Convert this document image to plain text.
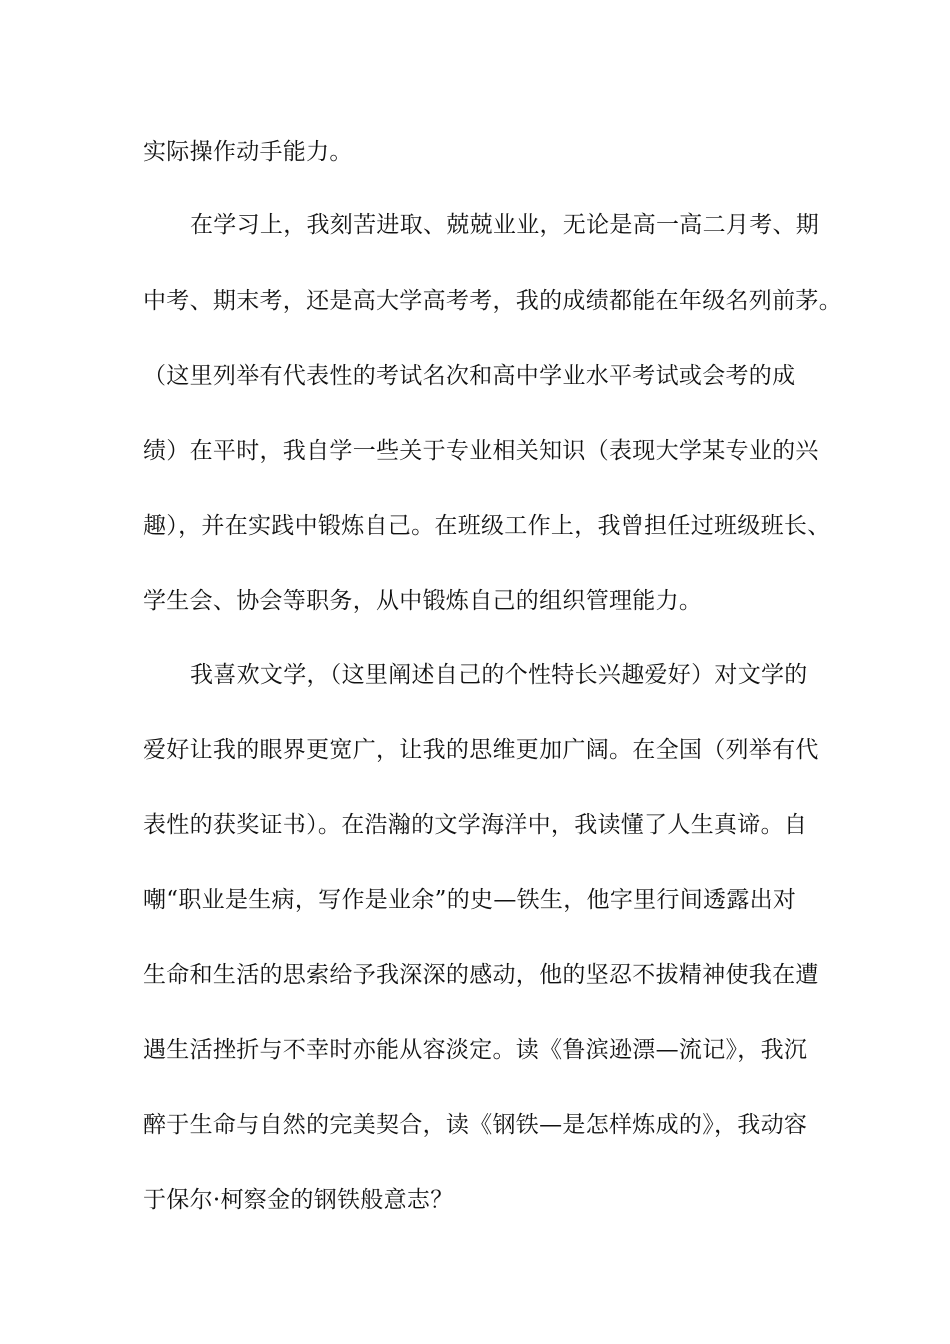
实际操作动手能力。
在学习上，我刻苦进取、兢兢业业，无论是高一高二月考、期
中考、期末考，还是高大学高考考，我的成绩都能在年级名列前茅。
（这里列举有代表性的考试名次和高中学业水平考试或会考的成
绩）在平时，我自学一些关于专业相关知识（表现大学某专业的兴
趣），并在实践中锻炼自己。在班级工作上，我曾担任过班级班长、
学生会、协会等职务，从中锻炼自己的组织管理能力。
我喜欢文学，（这里阐述自己的个性特长兴趣爱好）对文学的
爱好让我的眼界更宽广，让我的思维更加广阔。在全国（列举有代
表性的获奖证书）。在浩瀚的文学海洋中，我读懂了人生真谛。自
嘲“职业是生病，写作是业余”的史—铁生，他字里行间透露出对
生命和生活的思索给予我深深的感动，他的坚忍不拔精神使我在遭
遇生活挫折与不幸时亦能从容淡定。读《鲁滨逊漂—流记》，我沉
醉于生命与自然的完美契合，读《钢铁—是怎样炼成的》，我动容
于保尔·柯察金的钢铁般意志？
